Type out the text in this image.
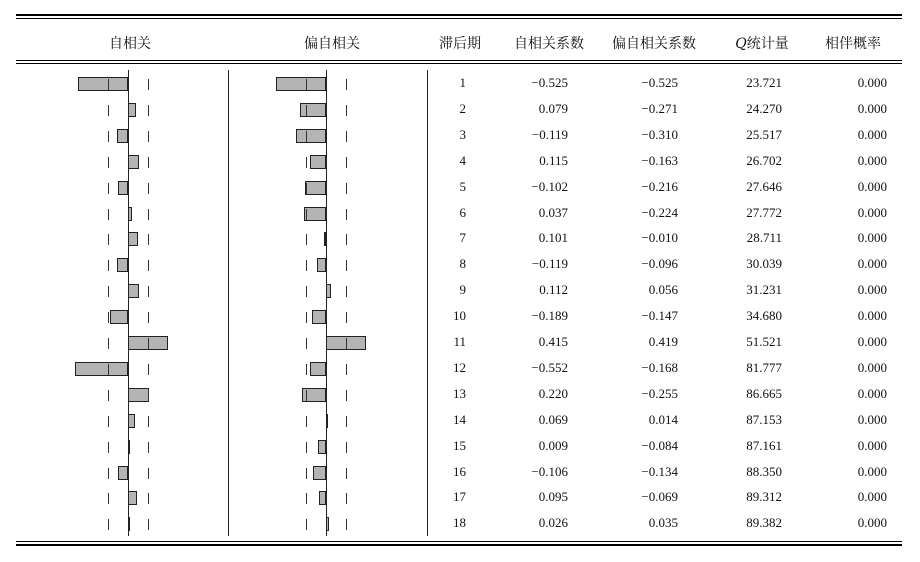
自相关	偏自相关	滞后期	自相关系数	偏自相关系数	Q统计量	相伴概率
1	−0.525	−0.525	23.721	0.000
2	0.079	−0.271	24.270	0.000
3	−0.119	−0.310	25.517	0.000
4	0.115	−0.163	26.702	0.000
5	−0.102	−0.216	27.646	0.000
6	0.037	−0.224	27.772	0.000
7	0.101	−0.010	28.711	0.000
8	−0.119	−0.096	30.039	0.000
9	0.112	0.056	31.231	0.000
10	−0.189	−0.147	34.680	0.000
11	0.415	0.419	51.521	0.000
12	−0.552	−0.168	81.777	0.000
13	0.220	−0.255	86.665	0.000
14	0.069	0.014	87.153	0.000
15	0.009	−0.084	87.161	0.000
16	−0.106	−0.134	88.350	0.000
17	0.095	−0.069	89.312	0.000
18	0.026	0.035	89.382	0.000
